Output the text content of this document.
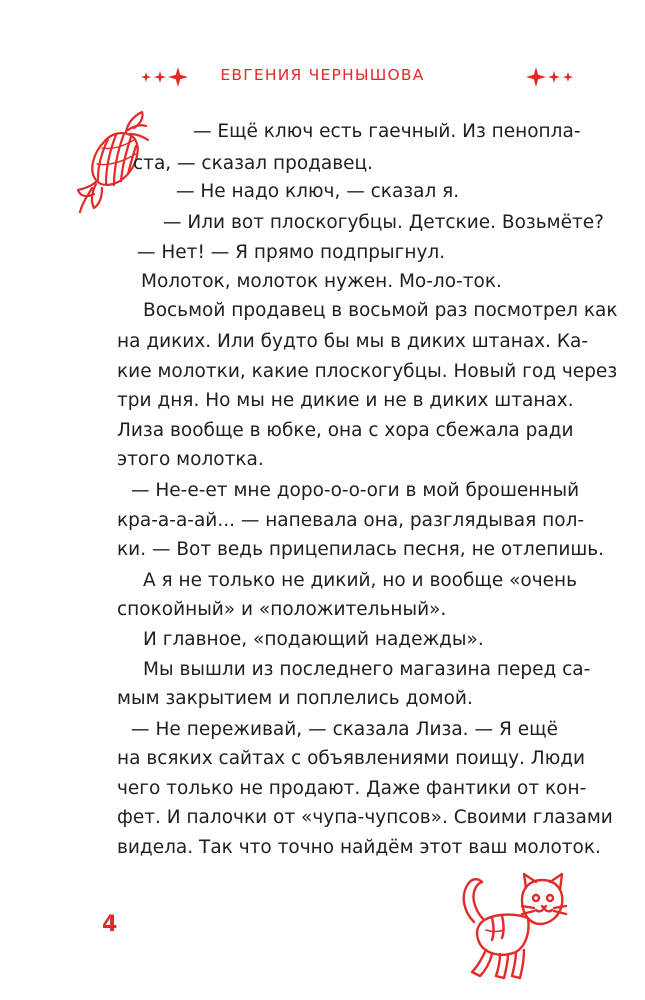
ЕВГЕНИЯ ЧЕРНЫШОВА
— Ещё ключ есть гаечный. Из пенопла-
ста, — сказал продавец.
— Не надо ключ, — сказал я.
— Или вот плоскогубцы. Детские. Возьмёте?
— Нет! — Я прямо подпрыгнул.
Молоток, молоток нужен. Мо-ло-ток.
Восьмой продавец в восьмой раз посмотрел как
на диких. Или будто бы мы в диких штанах. Ка-
кие молотки, какие плоскогубцы. Новый год через
три дня. Но мы не дикие и не в диких штанах.
Лиза вообще в юбке, она с хора сбежала ради
этого молотка.
— Не-е-ет мне доро-о-о-оги в мой брошенный
кра-а-а-ай... — напевала она, разглядывая пол-
ки. — Вот ведь прицепилась песня, не отлепишь.
А я не только не дикий, но и вообще «очень
спокойный» и «положительный».
И главное, «подающий надежды».
Мы вышли из последнего магазина перед са-
мым закрытием и поплелись домой.
— Не переживай, — сказала Лиза. — Я ещё
на всяких сайтах с объявлениями поищу. Люди
чего только не продают. Даже фантики от кон-
фет. И палочки от «чупа-чупсов». Своими глазами
видела. Так что точно найдём этот ваш молоток.
4
